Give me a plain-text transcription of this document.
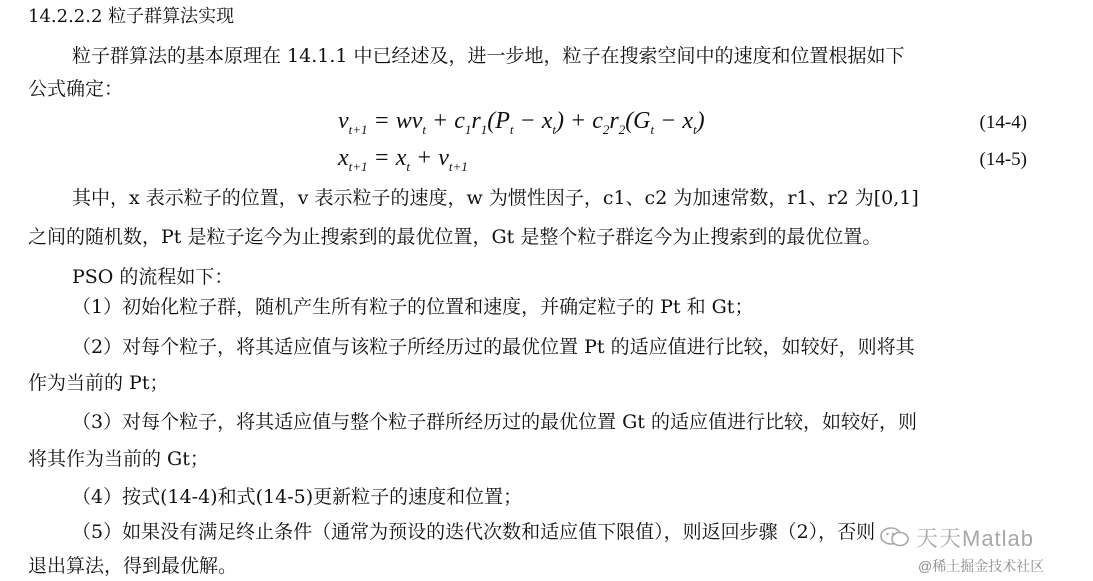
14.2.2.2 粒子群算法实现
粒子群算法的基本原理在 14.1.1 中已经述及，进一步地，粒子在搜索空间中的速度和位置根据如下
公式确定：
$v_{t+1} = wv_t + c_1r_1(P_t - x_t) + c_2r_2(G_t - x_t)$	(14-4)
$x_{t+1} = x_t + v_{t+1}$	(14-5)
其中，x 表示粒子的位置，v 表示粒子的速度，w 为惯性因子，c1、c2 为加速常数，r1、r2 为[0,1]
之间的随机数，Pt 是粒子迄今为止搜索到的最优位置，Gt 是整个粒子群迄今为止搜索到的最优位置。
PSO 的流程如下：
（1）初始化粒子群，随机产生所有粒子的位置和速度，并确定粒子的 Pt 和 Gt；
（2）对每个粒子，将其适应值与该粒子所经历过的最优位置 Pt 的适应值进行比较，如较好，则将其
作为当前的 Pt；
（3）对每个粒子，将其适应值与整个粒子群所经历过的最优位置 Gt 的适应值进行比较，如较好，则
将其作为当前的 Gt；
（4）按式(14-4)和式(14-5)更新粒子的速度和位置；
（5）如果没有满足终止条件（通常为预设的迭代次数和适应值下限值），则返回步骤（2），否则
退出算法，得到最优解。
天天Matlab
@稀土掘金技术社区
